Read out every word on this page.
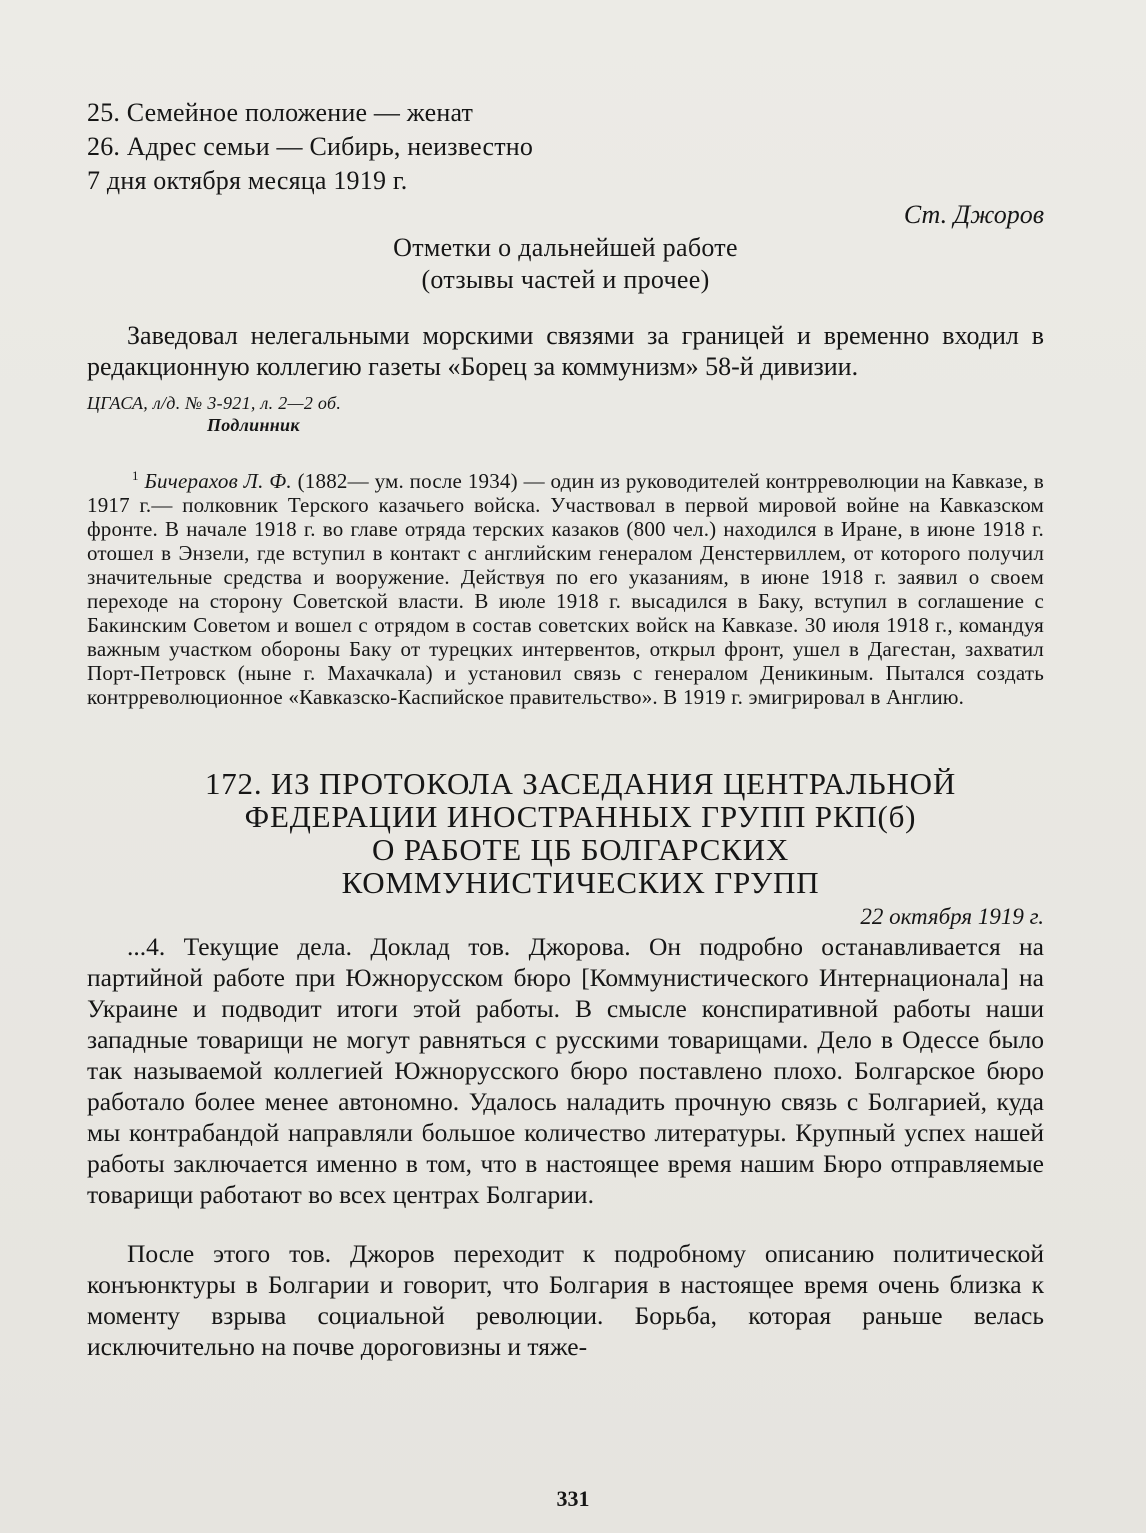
25. Семейное положение — женат
26. Адрес семьи — Сибирь, неизвестно
7 дня октября месяца 1919 г.
Ст. Джоров
Отметки о дальнейшей работе
(отзывы частей и прочее)
Заведовал нелегальными морскими связями за границей и временно входил в редакционную коллегию газеты «Борец за коммунизм» 58-й дивизии.
ЦГАСА, л/д. № 3-921, л. 2—2 об.
Подлинник
$^1$ Бичерахов Л. Ф. (1882— ум. после 1934) — один из руководителей контрреволюции на Кавказе, в 1917 г.— полковник Терского казачьего войска. Участвовал в первой мировой войне на Кавказском фронте. В начале 1918 г. во главе отряда терских казаков (800 чел.) находился в Иране, в июне 1918 г. отошел в Энзели, где вступил в контакт с английским генералом Денстервиллем, от которого получил значительные средства и вооружение. Действуя по его указаниям, в июне 1918 г. заявил о своем переходе на сторону Советской власти. В июле 1918 г. высадился в Баку, вступил в соглашение с Бакинским Советом и вошел с отрядом в состав советских войск на Кавказе. 30 июля 1918 г., командуя важным участком обороны Баку от турецких интервентов, открыл фронт, ушел в Дагестан, захватил Порт-Петровск (ныне г. Махачкала) и установил связь с генералом Деникиным. Пытался создать контрреволюционное «Кавказско-Каспийское правительство». В 1919 г. эмигрировал в Англию.
172. ИЗ ПРОТОКОЛА ЗАСЕДАНИЯ ЦЕНТРАЛЬНОЙ
ФЕДЕРАЦИИ ИНОСТРАННЫХ ГРУПП РКП(б)
О РАБОТЕ ЦБ БОЛГАРСКИХ
КОММУНИСТИЧЕСКИХ ГРУПП
22 октября 1919 г.
...4. Текущие дела. Доклад тов. Джорова. Он подробно останавливается на партийной работе при Южнорусском бюро [Коммунистического Интернационала] на Украине и подводит итоги этой работы. В смысле конспиративной работы наши западные товарищи не могут равняться с русскими товарищами. Дело в Одессе было так называемой коллегией Южнорусского бюро поставлено плохо. Болгарское бюро работало более менее автономно. Удалось наладить прочную связь с Болгарией, куда мы контрабандой направляли большое количество литературы. Крупный успех нашей работы заключается именно в том, что в настоящее время нашим Бюро отправляемые товарищи работают во всех центрах Болгарии.
После этого тов. Джоров переходит к подробному описанию политической конъюнктуры в Болгарии и говорит, что Болгария в настоящее время очень близка к моменту взрыва социальной революции. Борьба, которая раньше велась исключительно на почве дороговизны и тяже-
331
